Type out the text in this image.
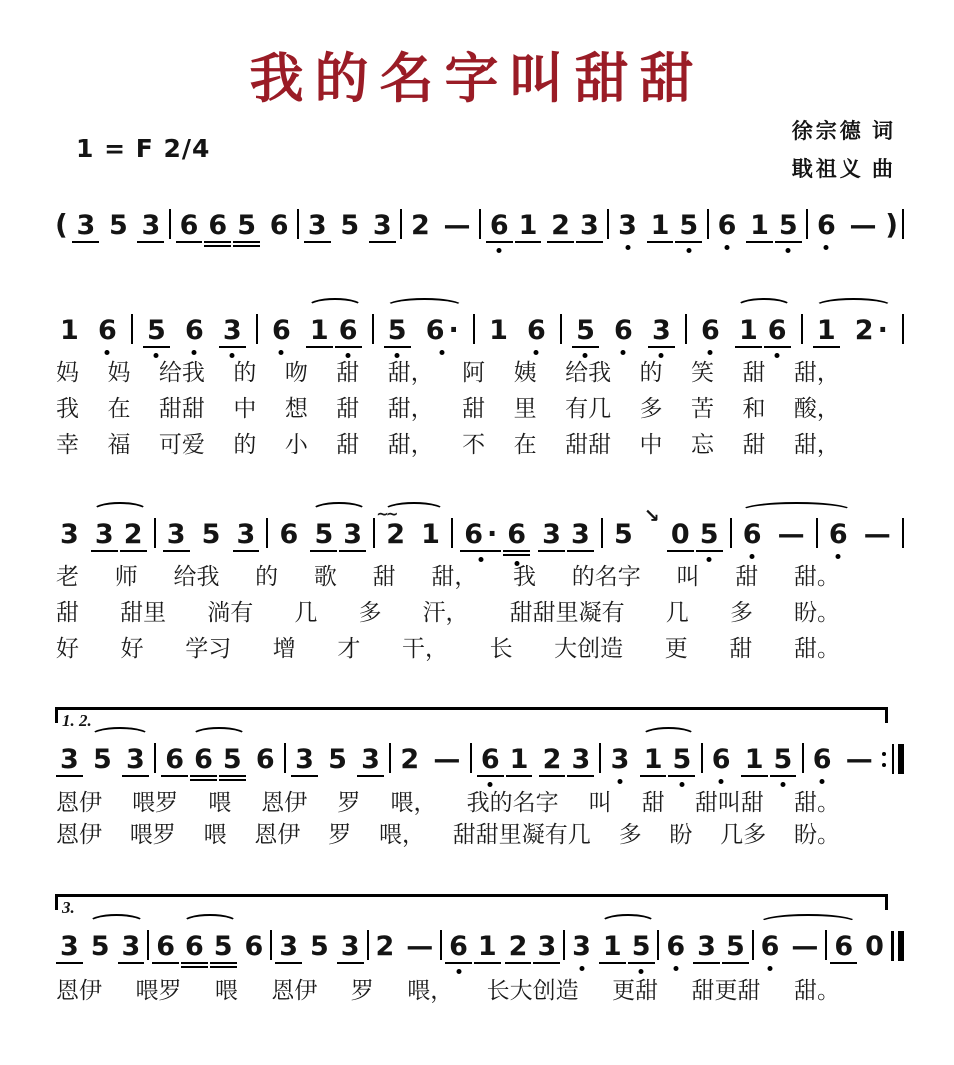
我的名字叫甜甜
徐宗德 词
戢祖义 曲
1 = F 2/4
( 3 5 3 6 6 5 6 3 5 3 2 — 6 1 2 3 3 1 5 6 1 5 6 — )
1 6 5 6 3 6 1 6 5 6 · 1 6 5 6 3 6 1 6 1 2 ·
3 3 2 3 5 3 6 5 3 2
~~
1 6 · 6 3 3 5
↘
0 5 6 — 6 —
1. 2.
3 5 3 6 6 5 6 3 5 3 2 — 6 1 2 3 3 1 5 6 1 5 6 —
3.
3 5 3 6 6 5 6 3 5 3 2 — 6 1 2 3 3 1 5 6 3 5 6 — 6 0
妈 妈 给我 的 吻 甜 甜， 阿 姨 给我 的 笑 甜 甜，
我 在 甜甜 中 想 甜 甜， 甜 里 有几 多 苦 和 酸，
幸 福 可爱 的 小 甜 甜， 不 在 甜甜 中 忘 甜 甜，
老 师 给我 的 歌 甜 甜， 我 的名字 叫 甜 甜。
甜 甜里 淌有 几 多 汗， 甜甜里凝有 几 多 盼。
好 好 学习 增 才 干， 长 大创造 更 甜 甜。
恩伊 喂罗 喂 恩伊 罗 喂， 我的名字 叫 甜 甜叫甜 甜。
恩伊 喂罗 喂 恩伊 罗 喂， 甜甜里凝有几 多 盼 几多 盼。
恩伊 喂罗 喂 恩伊 罗 喂， 长大创造 更甜 甜更甜 甜。
